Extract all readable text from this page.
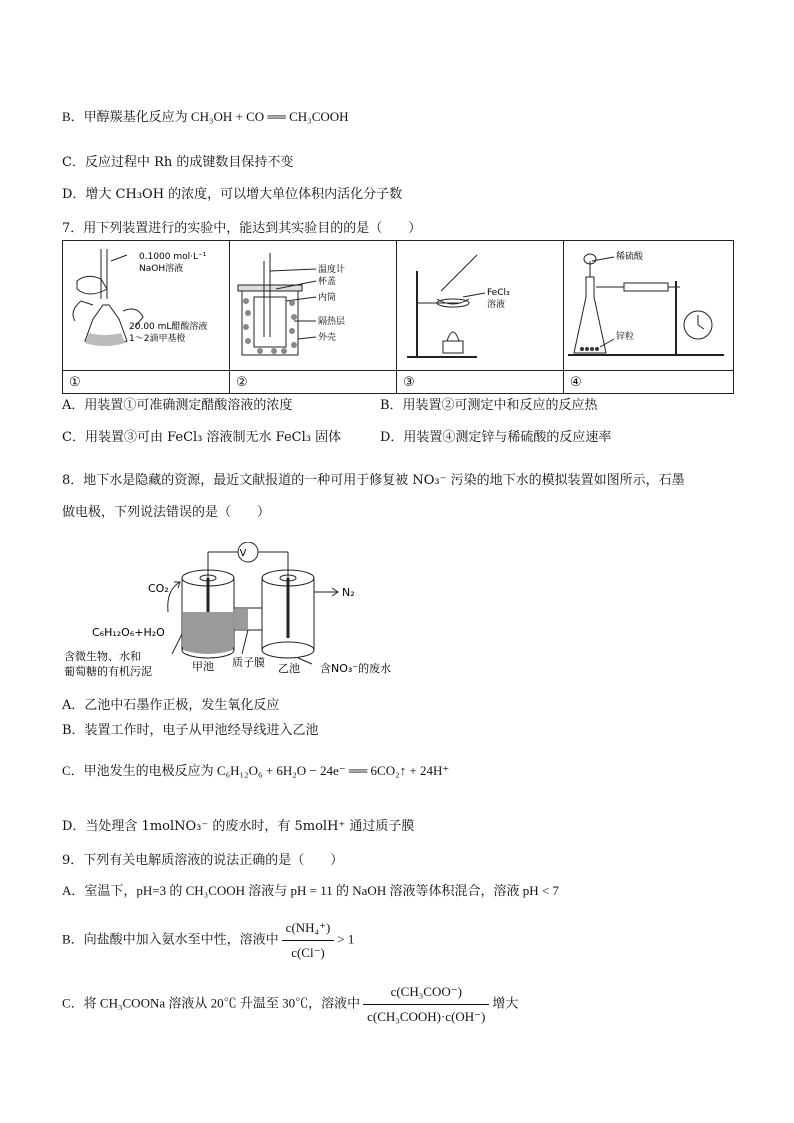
B．甲醇羰基化反应为 CH₃OH + CO ══ CH₃COOH
C．反应过程中 Rh 的成键数目保持不变
D．增大 CH₃OH 的浓度，可以增大单位体积内活化分子数
7．用下列装置进行的实验中，能达到其实验目的的是（　　）
0.1000 mol·L⁻¹
NaOH溶液
20.00 mL醋酸溶液
1～2滴甲基橙	温度计
杯盖
内筒
隔热层
外壳	FeCl₃
溶液	稀硫酸
锌粒

①	②	③	④
A．用装置①可准确测定醋酸溶液的浓度	B．用装置②可测定中和反应的反应热
C．用装置③可由 FeCl₃ 溶液制无水 FeCl₃ 固体	D．用装置④测定锌与稀硫酸的反应速率
8．地下水是隐藏的资源，最近文献报道的一种可用于修复被 NO₃⁻ 污染的地下水的模拟装置如图所示，石墨
做电极，下列说法错误的是（　　）
V
CO₂	N₂
C₆H₁₂O₆+H₂O
含微生物、水和
葡萄糖的有机污泥	甲池 质子膜 乙池 含NO₃⁻的废水
A．乙池中石墨作正极，发生氧化反应
B．装置工作时，电子从甲池经导线进入乙池
C．甲池发生的电极反应为 C₆H₁₂O₆ + 6H₂O − 24e⁻ ══ 6CO₂↑ + 24H⁺
D．当处理含 1molNO₃⁻ 的废水时，有 5molH⁺ 通过质子膜
9．下列有关电解质溶液的说法正确的是（　　）
A．室温下，pH=3 的 CH₃COOH 溶液与 pH = 11 的 NaOH 溶液等体积混合，溶液 pH < 7
B．向盐酸中加入氨水至中性，溶液中 $\frac{\text{c(NH₄⁺)}}{c(Cl^-)} > 1$
C．将 CH₃COONa 溶液从 20℃ 升温至 30℃，溶液中 $\frac{\text{c(CH₃COO⁻)}}{\text{c(CH₃COOH)·c(OH⁻)}}$ 增大
